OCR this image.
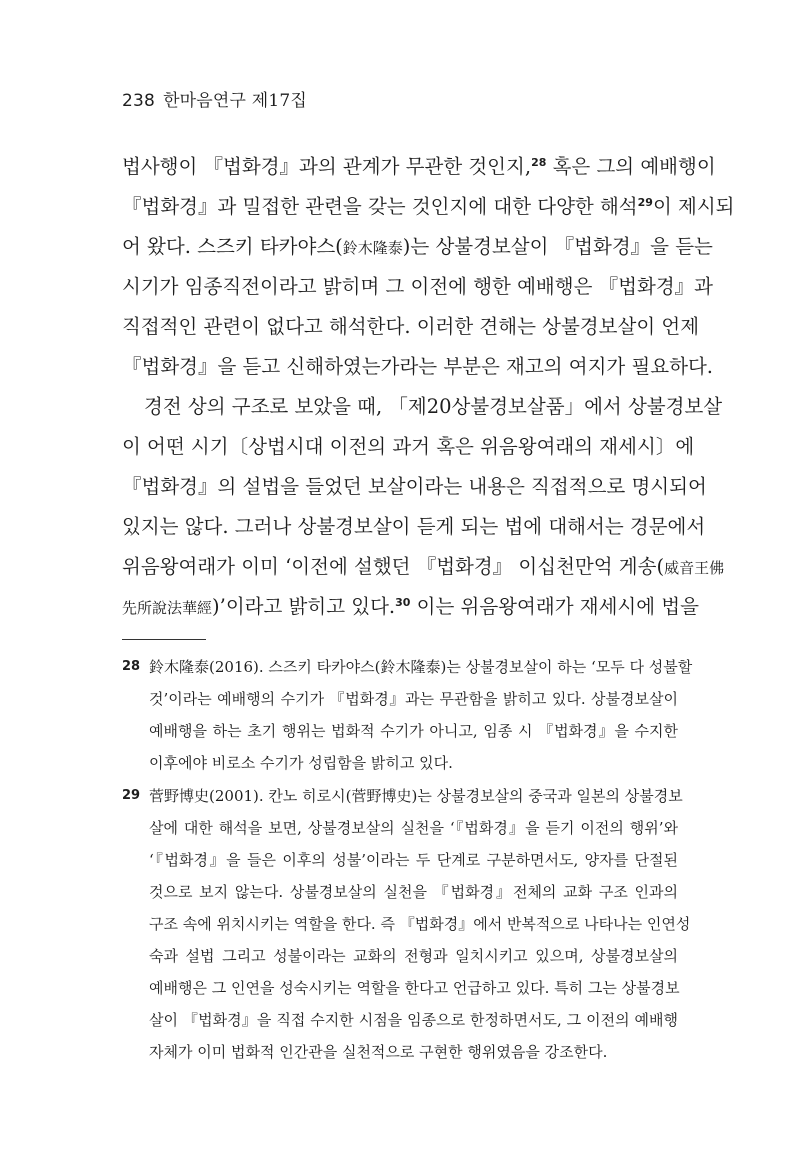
238 한마음연구 제17집
법사행이 『법화경』과의 관계가 무관한 것인지,$^{28}$ 혹은 그의 예배행이
『법화경』과 밀접한 관련을 갖는 것인지에 대한 다양한 해석$^{29}$이 제시되
어 왔다. 스즈키 타카야스(鈴木隆泰)는 상불경보살이 『법화경』을 듣는
시기가 임종직전이라고 밝히며 그 이전에 행한 예배행은 『법화경』과
직접적인 관련이 없다고 해석한다. 이러한 견해는 상불경보살이 언제
『법화경』을 듣고 신해하였는가라는 부분은 재고의 여지가 필요하다.
경전 상의 구조로 보았을 때, 「제20상불경보살품」에서 상불경보살
이 어떤 시기〔상법시대 이전의 과거 혹은 위음왕여래의 재세시〕에
『법화경』의 설법을 들었던 보살이라는 내용은 직접적으로 명시되어
있지는 않다. 그러나 상불경보살이 듣게 되는 법에 대해서는 경문에서
위음왕여래가 이미 ‘이전에 설했던 『법화경』 이십천만억 게송(威音王佛
先所說法華經)’이라고 밝히고 있다.$^{30}$ 이는 위음왕여래가 재세시에 법을
28 鈴木隆泰(2016). 스즈키 타카야스(鈴木隆泰)는 상불경보살이 하는 ‘모두 다 성불할
것’이라는 예배행의 수기가 『법화경』과는 무관함을 밝히고 있다. 상불경보살이
예배행을 하는 초기 행위는 법화적 수기가 아니고, 임종 시 『법화경』을 수지한
이후에야 비로소 수기가 성립함을 밝히고 있다.
29 菅野博史(2001). 칸노 히로시(菅野博史)는 상불경보살의 중국과 일본의 상불경보
살에 대한 해석을 보면, 상불경보살의 실천을 ‘『법화경』을 듣기 이전의 행위’와
‘『법화경』을 들은 이후의 성불’이라는 두 단계로 구분하면서도, 양자를 단절된
것으로 보지 않는다. 상불경보살의 실천을 『법화경』전체의 교화 구조 인과의
구조 속에 위치시키는 역할을 한다. 즉 『법화경』에서 반복적으로 나타나는 인연성
숙과 설법 그리고 성불이라는 교화의 전형과 일치시키고 있으며, 상불경보살의
예배행은 그 인연을 성숙시키는 역할을 한다고 언급하고 있다. 특히 그는 상불경보
살이 『법화경』을 직접 수지한 시점을 임종으로 한정하면서도, 그 이전의 예배행
자체가 이미 법화적 인간관을 실천적으로 구현한 행위였음을 강조한다.
